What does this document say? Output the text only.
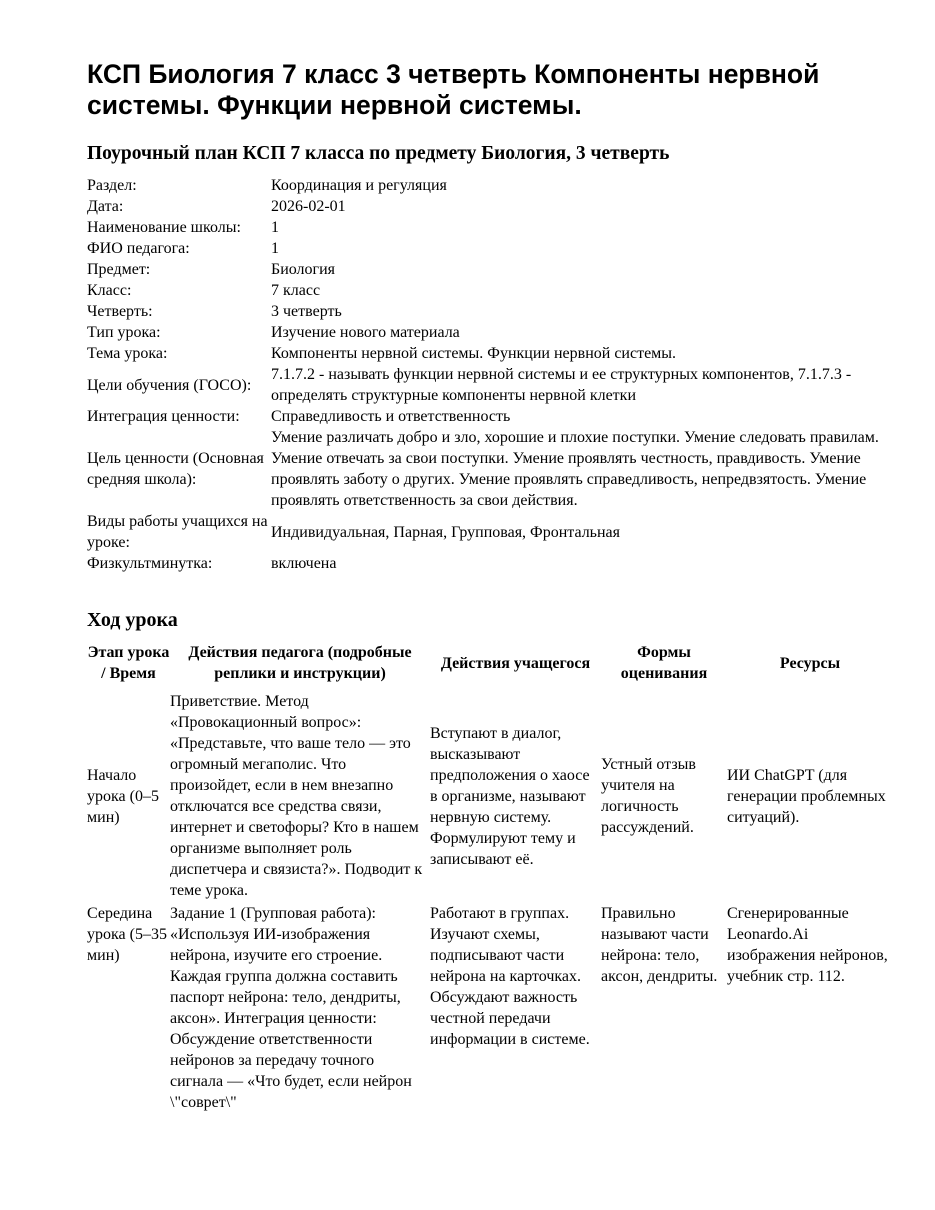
КСП Биология 7 класс 3 четверть Компоненты нервной системы. Функции нервной системы.
Поурочный план КСП 7 класса по предмету Биология, 3 четверть
Раздел:	Координация и регуляция
Дата:	2026-02-01
Наименование школы:	1
ФИО педагога:	1
Предмет:	Биология
Класс:	7 класс
Четверть:	3 четверть
Тип урока:	Изучение нового материала
Тема урока:	Компоненты нервной системы. Функции нервной системы.
Цели обучения (ГОСО):	7.1.7.2 - называть функции нервной системы и ее структурных компонентов, 7.1.7.3 - определять структурные компоненты нервной клетки
Интеграция ценности:	Справедливость и ответственность
Цель ценности (Основная средняя школа):	Умение различать добро и зло, хорошие и плохие поступки. Умение следовать правилам. Умение отвечать за свои поступки. Умение проявлять честность, правдивость. Умение проявлять заботу о других. Умение проявлять справедливость, непредвзятость. Умение проявлять ответственность за свои действия.
Виды работы учащихся на уроке:	Индивидуальная, Парная, Групповая, Фронтальная
Физкультминутка:	включена
Ход урока
Этап урока / Время	Действия педагога (подробные реплики и инструкции)	Действия учащегося	Формы оценивания	Ресурсы
Начало урока (0–5 мин)	Приветствие. Метод «Провокационный вопрос»: «Представьте, что ваше тело — это огромный мегаполис. Что произойдет, если в нем внезапно отключатся все средства связи, интернет и светофоры? Кто в нашем организме выполняет роль диспетчера и связиста?». Подводит к теме урока.	Вступают в диалог, высказывают предположения о хаосе в организме, называют нервную систему. Формулируют тему и записывают её.	Устный отзыв учителя на логичность рассуждений.	ИИ ChatGPT (для генерации проблемных ситуаций).
Середина урока (5–35 мин)	Задание 1 (Групповая работа): «Используя ИИ-изображения нейрона, изучите его строение. Каждая группа должна составить паспорт нейрона: тело, дендриты, аксон». Интеграция ценности: Обсуждение ответственности нейронов за передачу точного сигнала — «Что будет, если нейрон \"соврет\"	Работают в группах. Изучают схемы, подписывают части нейрона на карточках. Обсуждают важность честной передачи информации в системе.	Правильно называют части нейрона: тело, аксон, дендриты.	Сгенерированные Leonardo.Ai изображения нейронов, учебник стр. 112.
